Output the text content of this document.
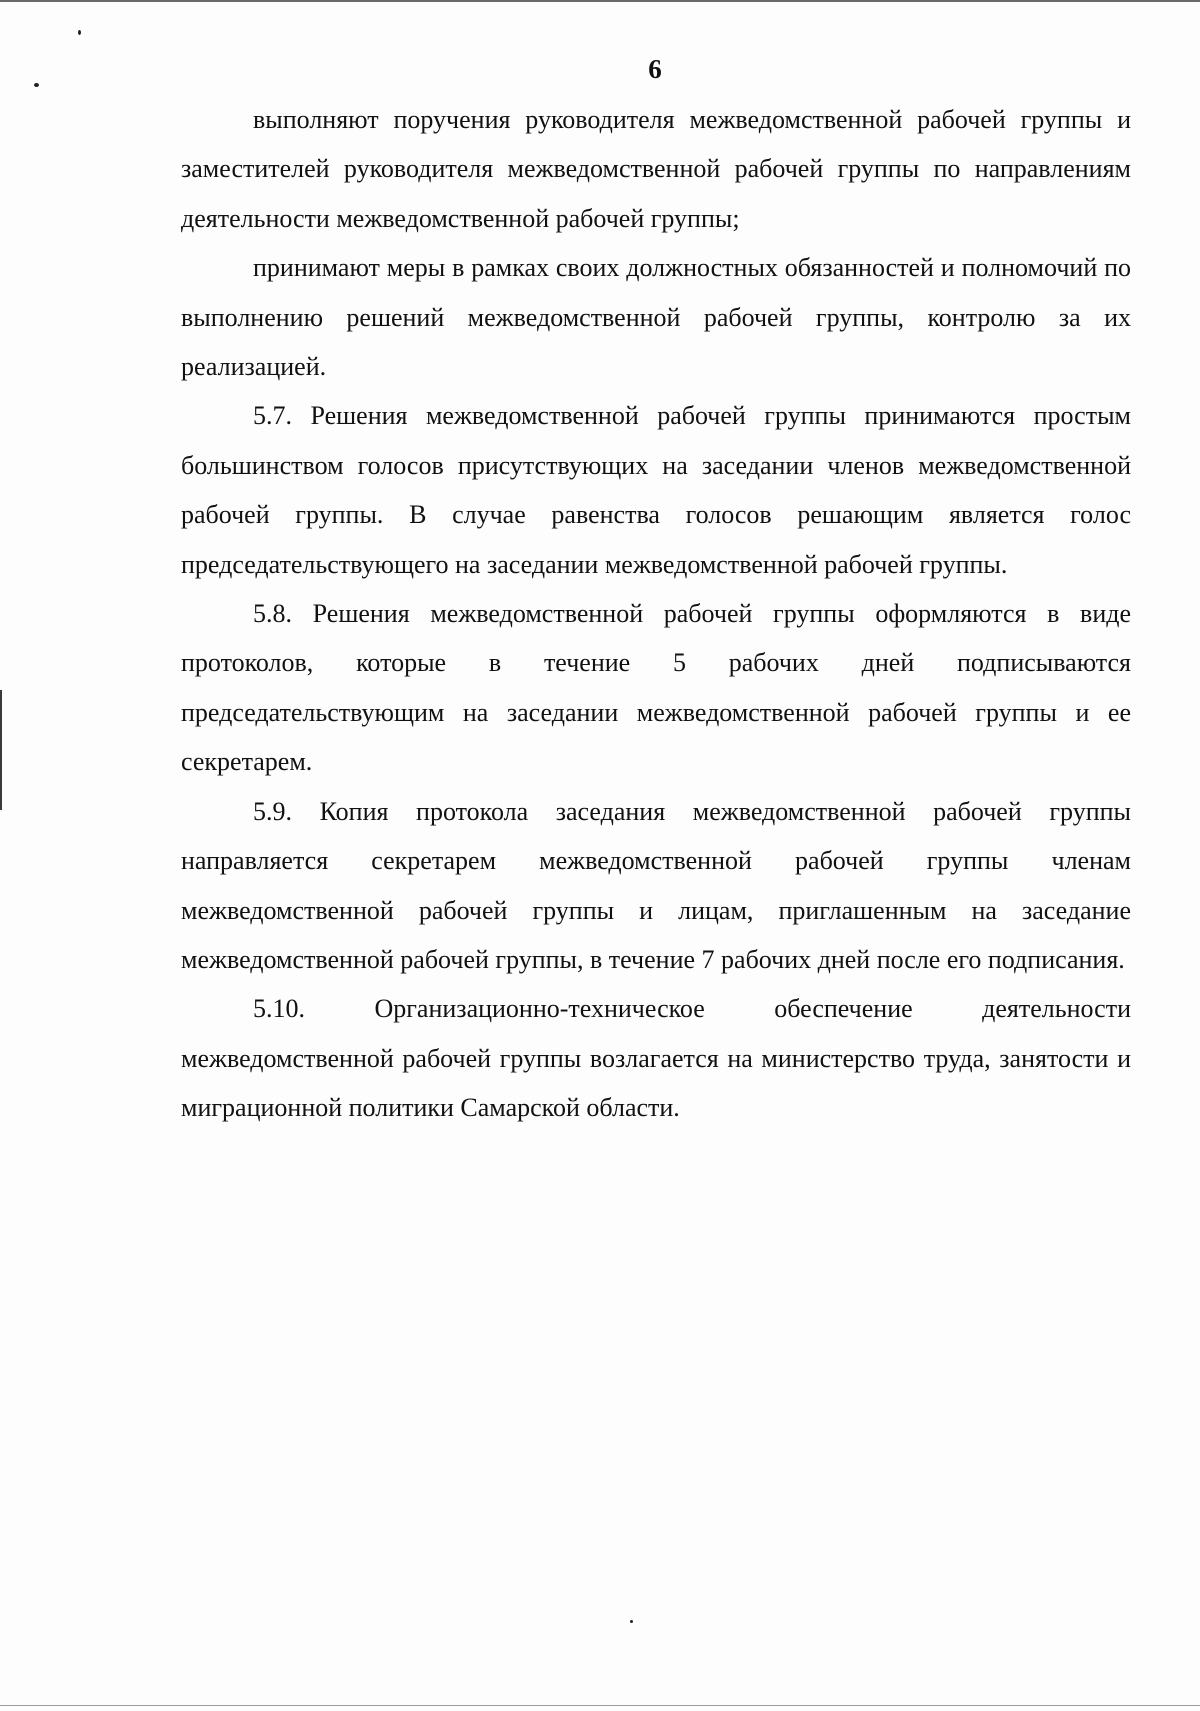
6

выполняют поручения руководителя межведомственной рабочей группы и заместителей руководителя межведомственной рабочей группы по направлениям деятельности межведомственной рабочей группы;

принимают меры в рамках своих должностных обязанностей и полномочий по выполнению решений межведомственной рабочей группы, контролю за их реализацией.

5.7. Решения межведомственной рабочей группы принимаются простым большинством голосов присутствующих на заседании членов межведомственной рабочей группы. В случае равенства голосов решающим является голос председательствующего на заседании межведомственной рабочей группы.

5.8. Решения межведомственной рабочей группы оформляются в виде протоколов, которые в течение 5 рабочих дней подписываются председательствующим на заседании межведомственной рабочей группы и ее секретарем.

5.9. Копия протокола заседания межведомственной рабочей группы направляется секретарем межведомственной рабочей группы членам межведомственной рабочей группы и лицам, приглашенным на заседание межведомственной рабочей группы, в течение 7 рабочих дней после его подписания.

5.10. Организационно-техническое обеспечение деятельности межведомственной рабочей группы возлагается на министерство труда, занятости и миграционной политики Самарской области.
